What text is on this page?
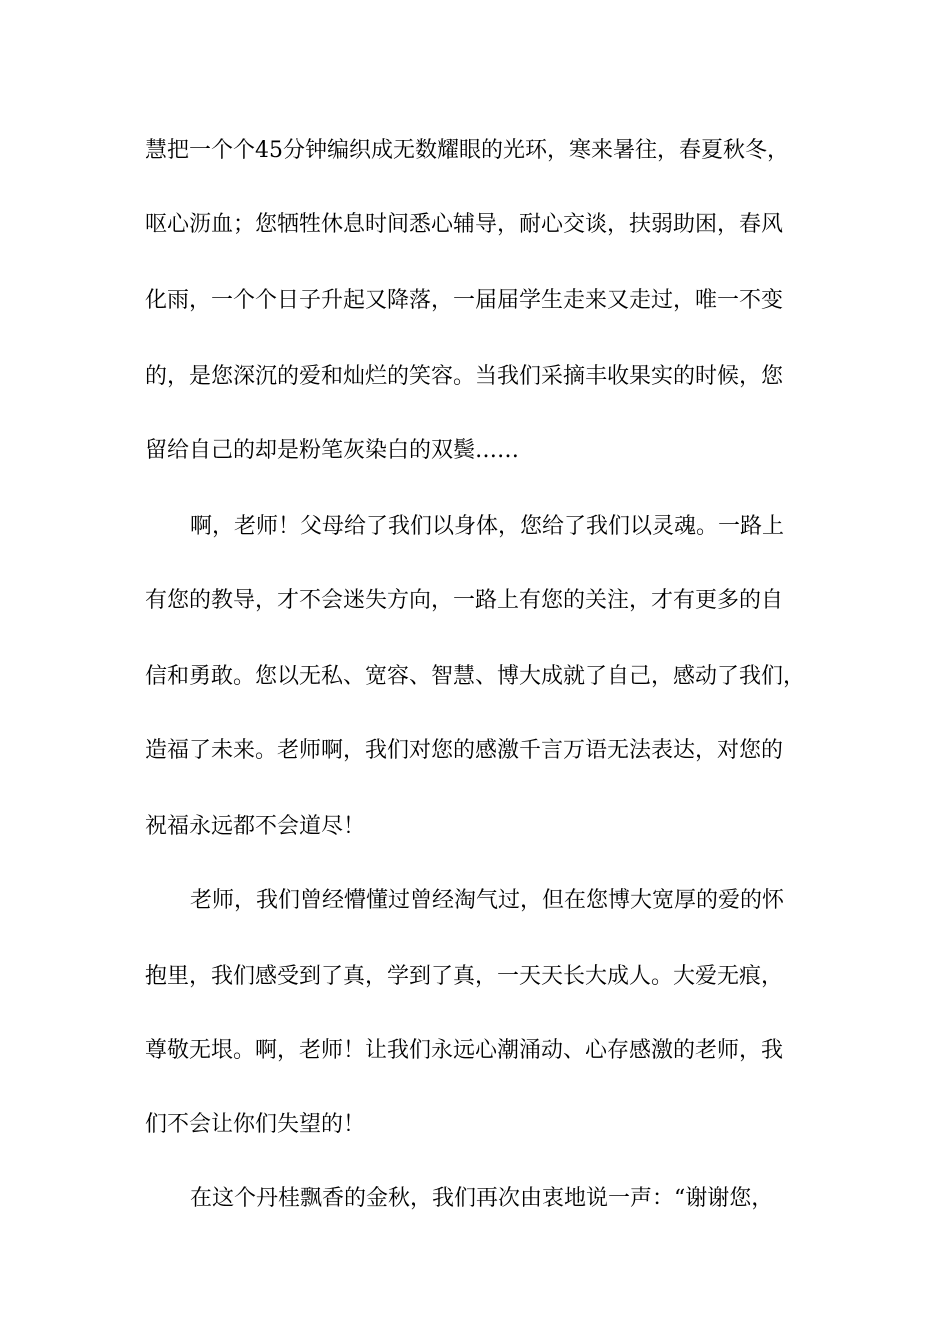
慧把一个个45分钟编织成无数耀眼的光环，寒来暑往，春夏秋冬，
呕心沥血；您牺牲休息时间悉心辅导，耐心交谈，扶弱助困，春风
化雨，一个个日子升起又降落，一届届学生走来又走过，唯一不变
的，是您深沉的爱和灿烂的笑容。当我们采摘丰收果实的时候，您
留给自己的却是粉笔灰染白的双鬓……
啊，老师！父母给了我们以身体，您给了我们以灵魂。一路上
有您的教导，才不会迷失方向，一路上有您的关注，才有更多的自
信和勇敢。您以无私、宽容、智慧、博大成就了自己，感动了我们，
造福了未来。老师啊，我们对您的感激千言万语无法表达，对您的
祝福永远都不会道尽！
老师，我们曾经懵懂过曾经淘气过，但在您博大宽厚的爱的怀
抱里，我们感受到了真，学到了真，一天天长大成人。大爱无痕，
尊敬无垠。啊，老师！让我们永远心潮涌动、心存感激的老师，我
们不会让你们失望的！
在这个丹桂飘香的金秋，我们再次由衷地说一声：“谢谢您，
